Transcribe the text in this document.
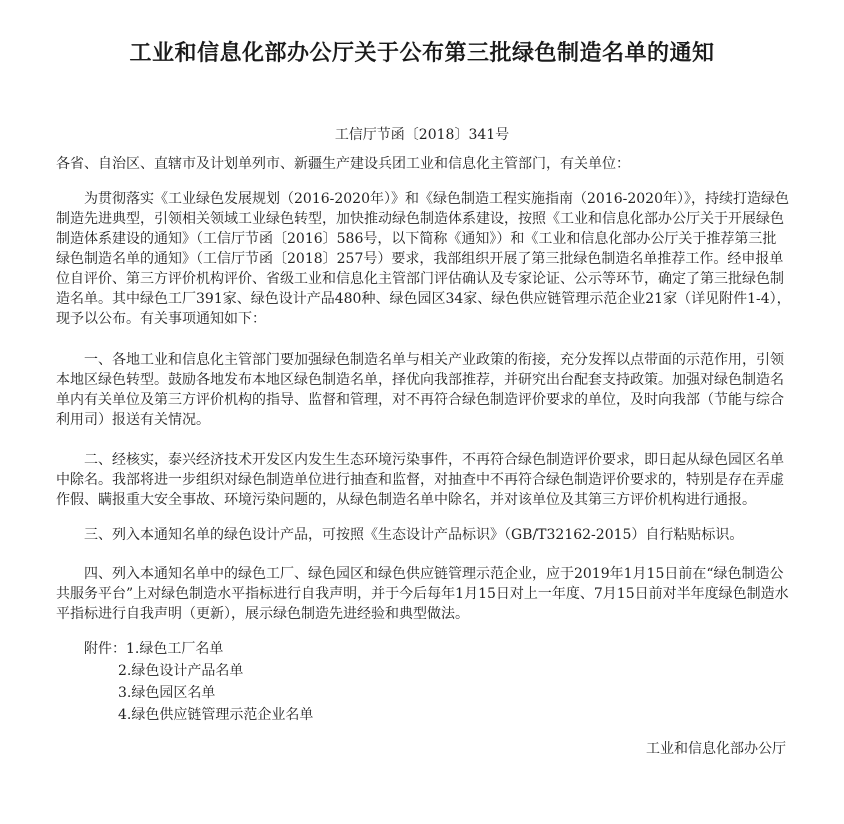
工业和信息化部办公厅关于公布第三批绿色制造名单的通知
工信厅节函〔2018〕341号
各省、自治区、直辖市及计划单列市、新疆生产建设兵团工业和信息化主管部门，有关单位：
为贯彻落实《工业绿色发展规划（2016-2020年）》和《绿色制造工程实施指南（2016-2020年）》，持续打造绿色
制造先进典型，引领相关领域工业绿色转型，加快推动绿色制造体系建设，按照《工业和信息化部办公厅关于开展绿色
制造体系建设的通知》（工信厅节函〔2016〕586号，以下简称《通知》）和《工业和信息化部办公厅关于推荐第三批
绿色制造名单的通知》（工信厅节函〔2018〕257号）要求，我部组织开展了第三批绿色制造名单推荐工作。经申报单
位自评价、第三方评价机构评价、省级工业和信息化主管部门评估确认及专家论证、公示等环节，确定了第三批绿色制
造名单。其中绿色工厂391家、绿色设计产品480种、绿色园区34家、绿色供应链管理示范企业21家（详见附件1-4），
现予以公布。有关事项通知如下：
一、各地工业和信息化主管部门要加强绿色制造名单与相关产业政策的衔接，充分发挥以点带面的示范作用，引领
本地区绿色转型。鼓励各地发布本地区绿色制造名单，择优向我部推荐，并研究出台配套支持政策。加强对绿色制造名
单内有关单位及第三方评价机构的指导、监督和管理，对不再符合绿色制造评价要求的单位，及时向我部（节能与综合
利用司）报送有关情况。
二、经核实，泰兴经济技术开发区内发生生态环境污染事件，不再符合绿色制造评价要求，即日起从绿色园区名单
中除名。我部将进一步组织对绿色制造单位进行抽查和监督，对抽查中不再符合绿色制造评价要求的，特别是存在弄虚
作假、瞒报重大安全事故、环境污染问题的，从绿色制造名单中除名，并对该单位及其第三方评价机构进行通报。
三、列入本通知名单的绿色设计产品，可按照《生态设计产品标识》（GB/T32162-2015）自行粘贴标识。
四、列入本通知名单中的绿色工厂、绿色园区和绿色供应链管理示范企业，应于2019年1月15日前在“绿色制造公
共服务平台”上对绿色制造水平指标进行自我声明，并于今后每年1月15日对上一年度、7月15日前对半年度绿色制造水
平指标进行自我声明（更新），展示绿色制造先进经验和典型做法。
附件：1.绿色工厂名单
2.绿色设计产品名单
3.绿色园区名单
4.绿色供应链管理示范企业名单
工业和信息化部办公厅
